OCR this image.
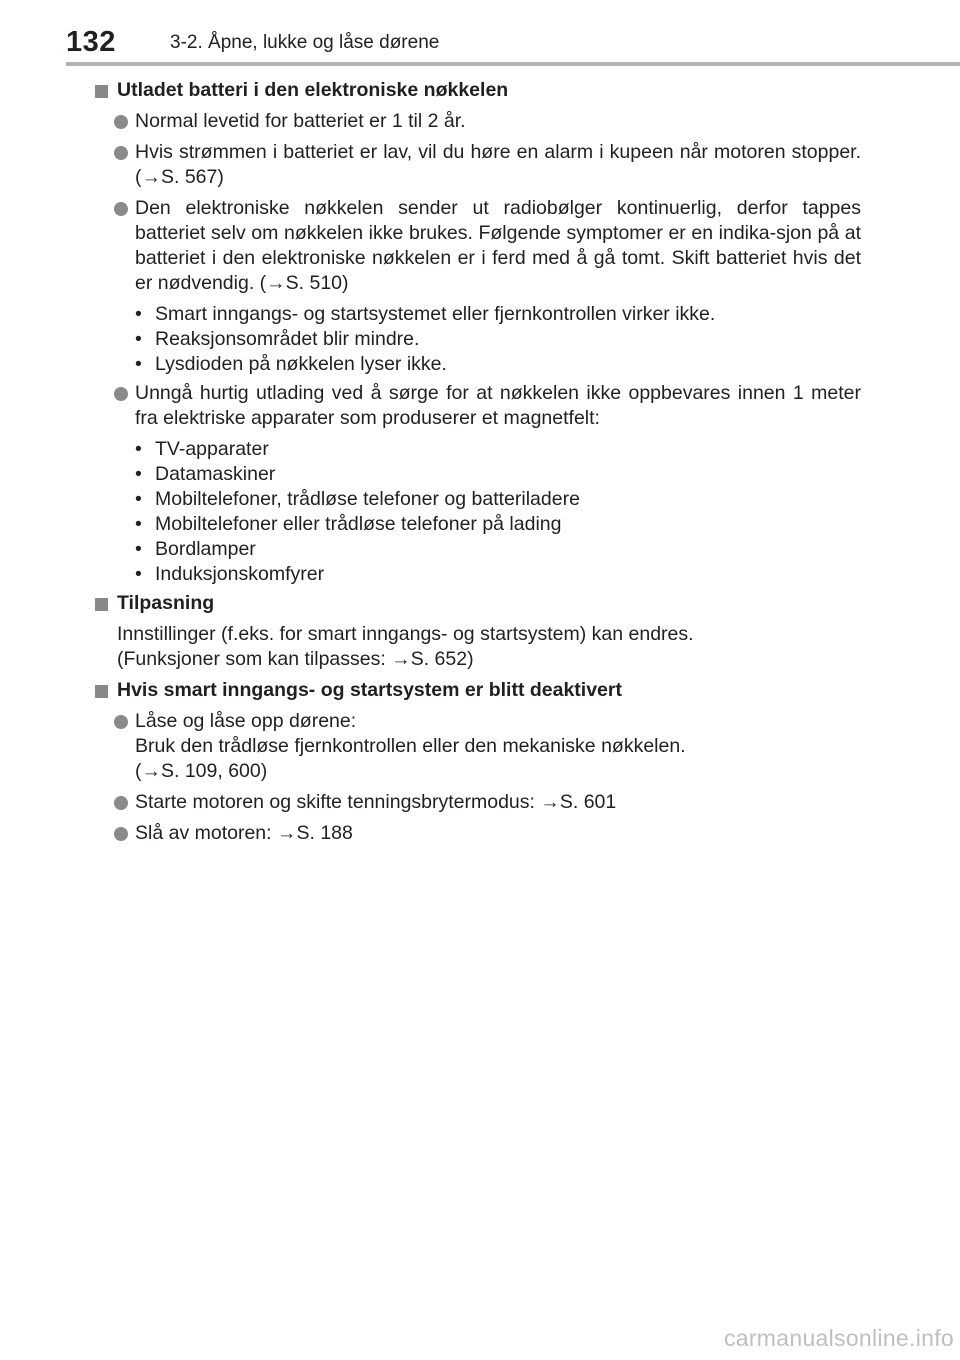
132	3-2. Åpne, lukke og låse dørene
Utladet batteri i den elektroniske nøkkelen
Normal levetid for batteriet er 1 til 2 år.
Hvis strømmen i batteriet er lav, vil du høre en alarm i kupeen når motoren stopper. (→S. 567)
Den elektroniske nøkkelen sender ut radiobølger kontinuerlig, derfor tappes batteriet selv om nøkkelen ikke brukes. Følgende symptomer er en indika-sjon på at batteriet i den elektroniske nøkkelen er i ferd med å gå tomt. Skift batteriet hvis det er nødvendig. (→S. 510)
• Smart inngangs- og startsystemet eller fjernkontrollen virker ikke.
• Reaksjonsområdet blir mindre.
• Lysdioden på nøkkelen lyser ikke.
Unngå hurtig utlading ved å sørge for at nøkkelen ikke oppbevares innen 1 meter fra elektriske apparater som produserer et magnetfelt:
• TV-apparater
• Datamaskiner
• Mobiltelefoner, trådløse telefoner og batteriladere
• Mobiltelefoner eller trådløse telefoner på lading
• Bordlamper
• Induksjonskomfyrer
Tilpasning
Innstillinger (f.eks. for smart inngangs- og startsystem) kan endres.
(Funksjoner som kan tilpasses: →S. 652)
Hvis smart inngangs- og startsystem er blitt deaktivert
Låse og låse opp dørene:
Bruk den trådløse fjernkontrollen eller den mekaniske nøkkelen.
(→S. 109, 600)
Starte motoren og skifte tenningsbrytermodus: →S. 601
Slå av motoren: →S. 188
carmanualsonline.info
